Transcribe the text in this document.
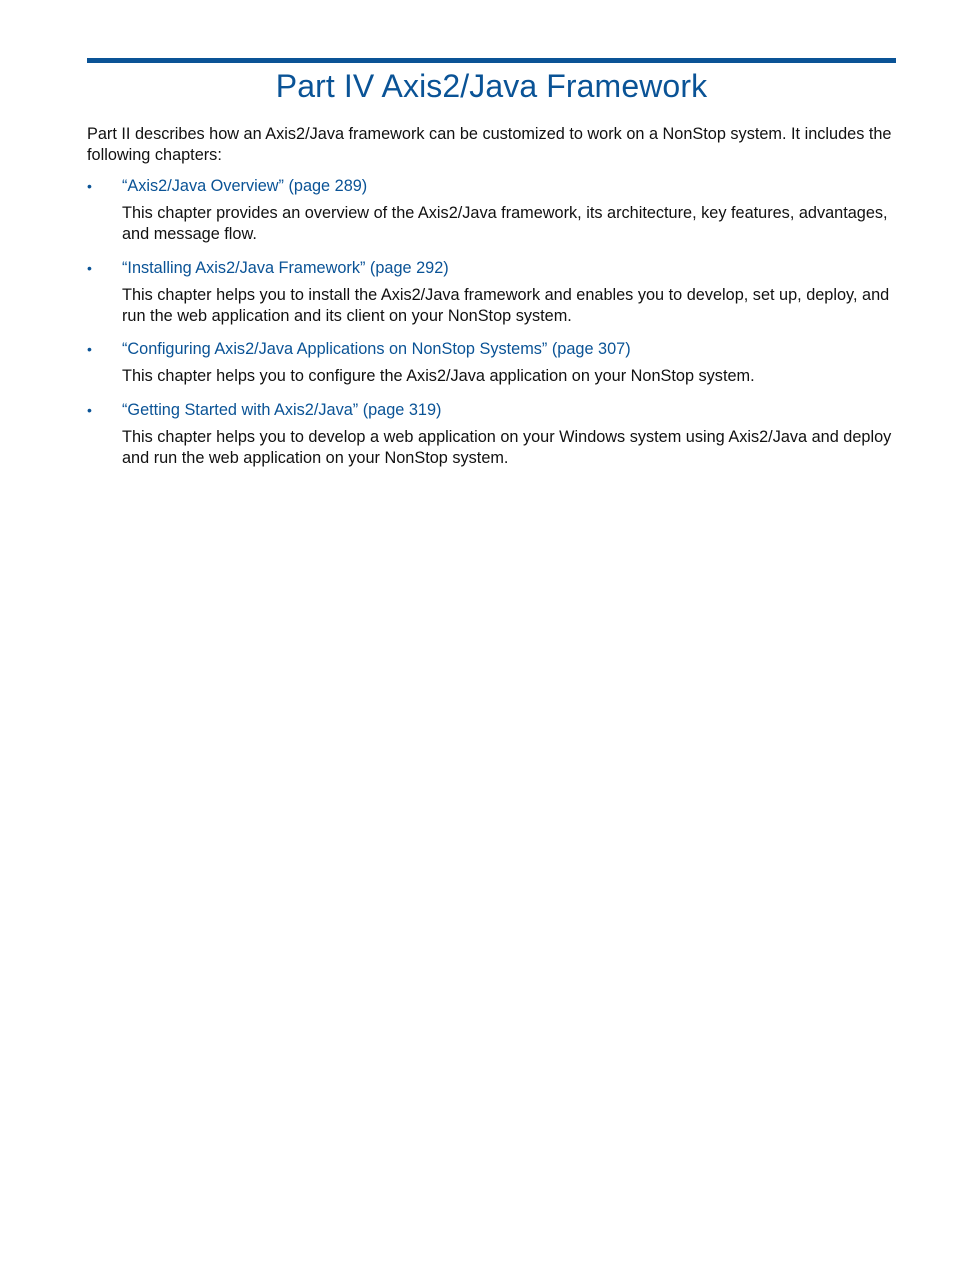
Part IV Axis2/Java Framework

Part II describes how an Axis2/Java framework can be customized to work on a NonStop system. It includes the following chapters:

• “Axis2/Java Overview” (page 289)

This chapter provides an overview of the Axis2/Java framework, its architecture, key features, advantages, and message flow.

• “Installing Axis2/Java Framework” (page 292)

This chapter helps you to install the Axis2/Java framework and enables you to develop, set up, deploy, and run the web application and its client on your NonStop system.

• “Configuring Axis2/Java Applications on NonStop Systems” (page 307)

This chapter helps you to configure the Axis2/Java application on your NonStop system.

• “Getting Started with Axis2/Java” (page 319)

This chapter helps you to develop a web application on your Windows system using Axis2/Java and deploy and run the web application on your NonStop system.
